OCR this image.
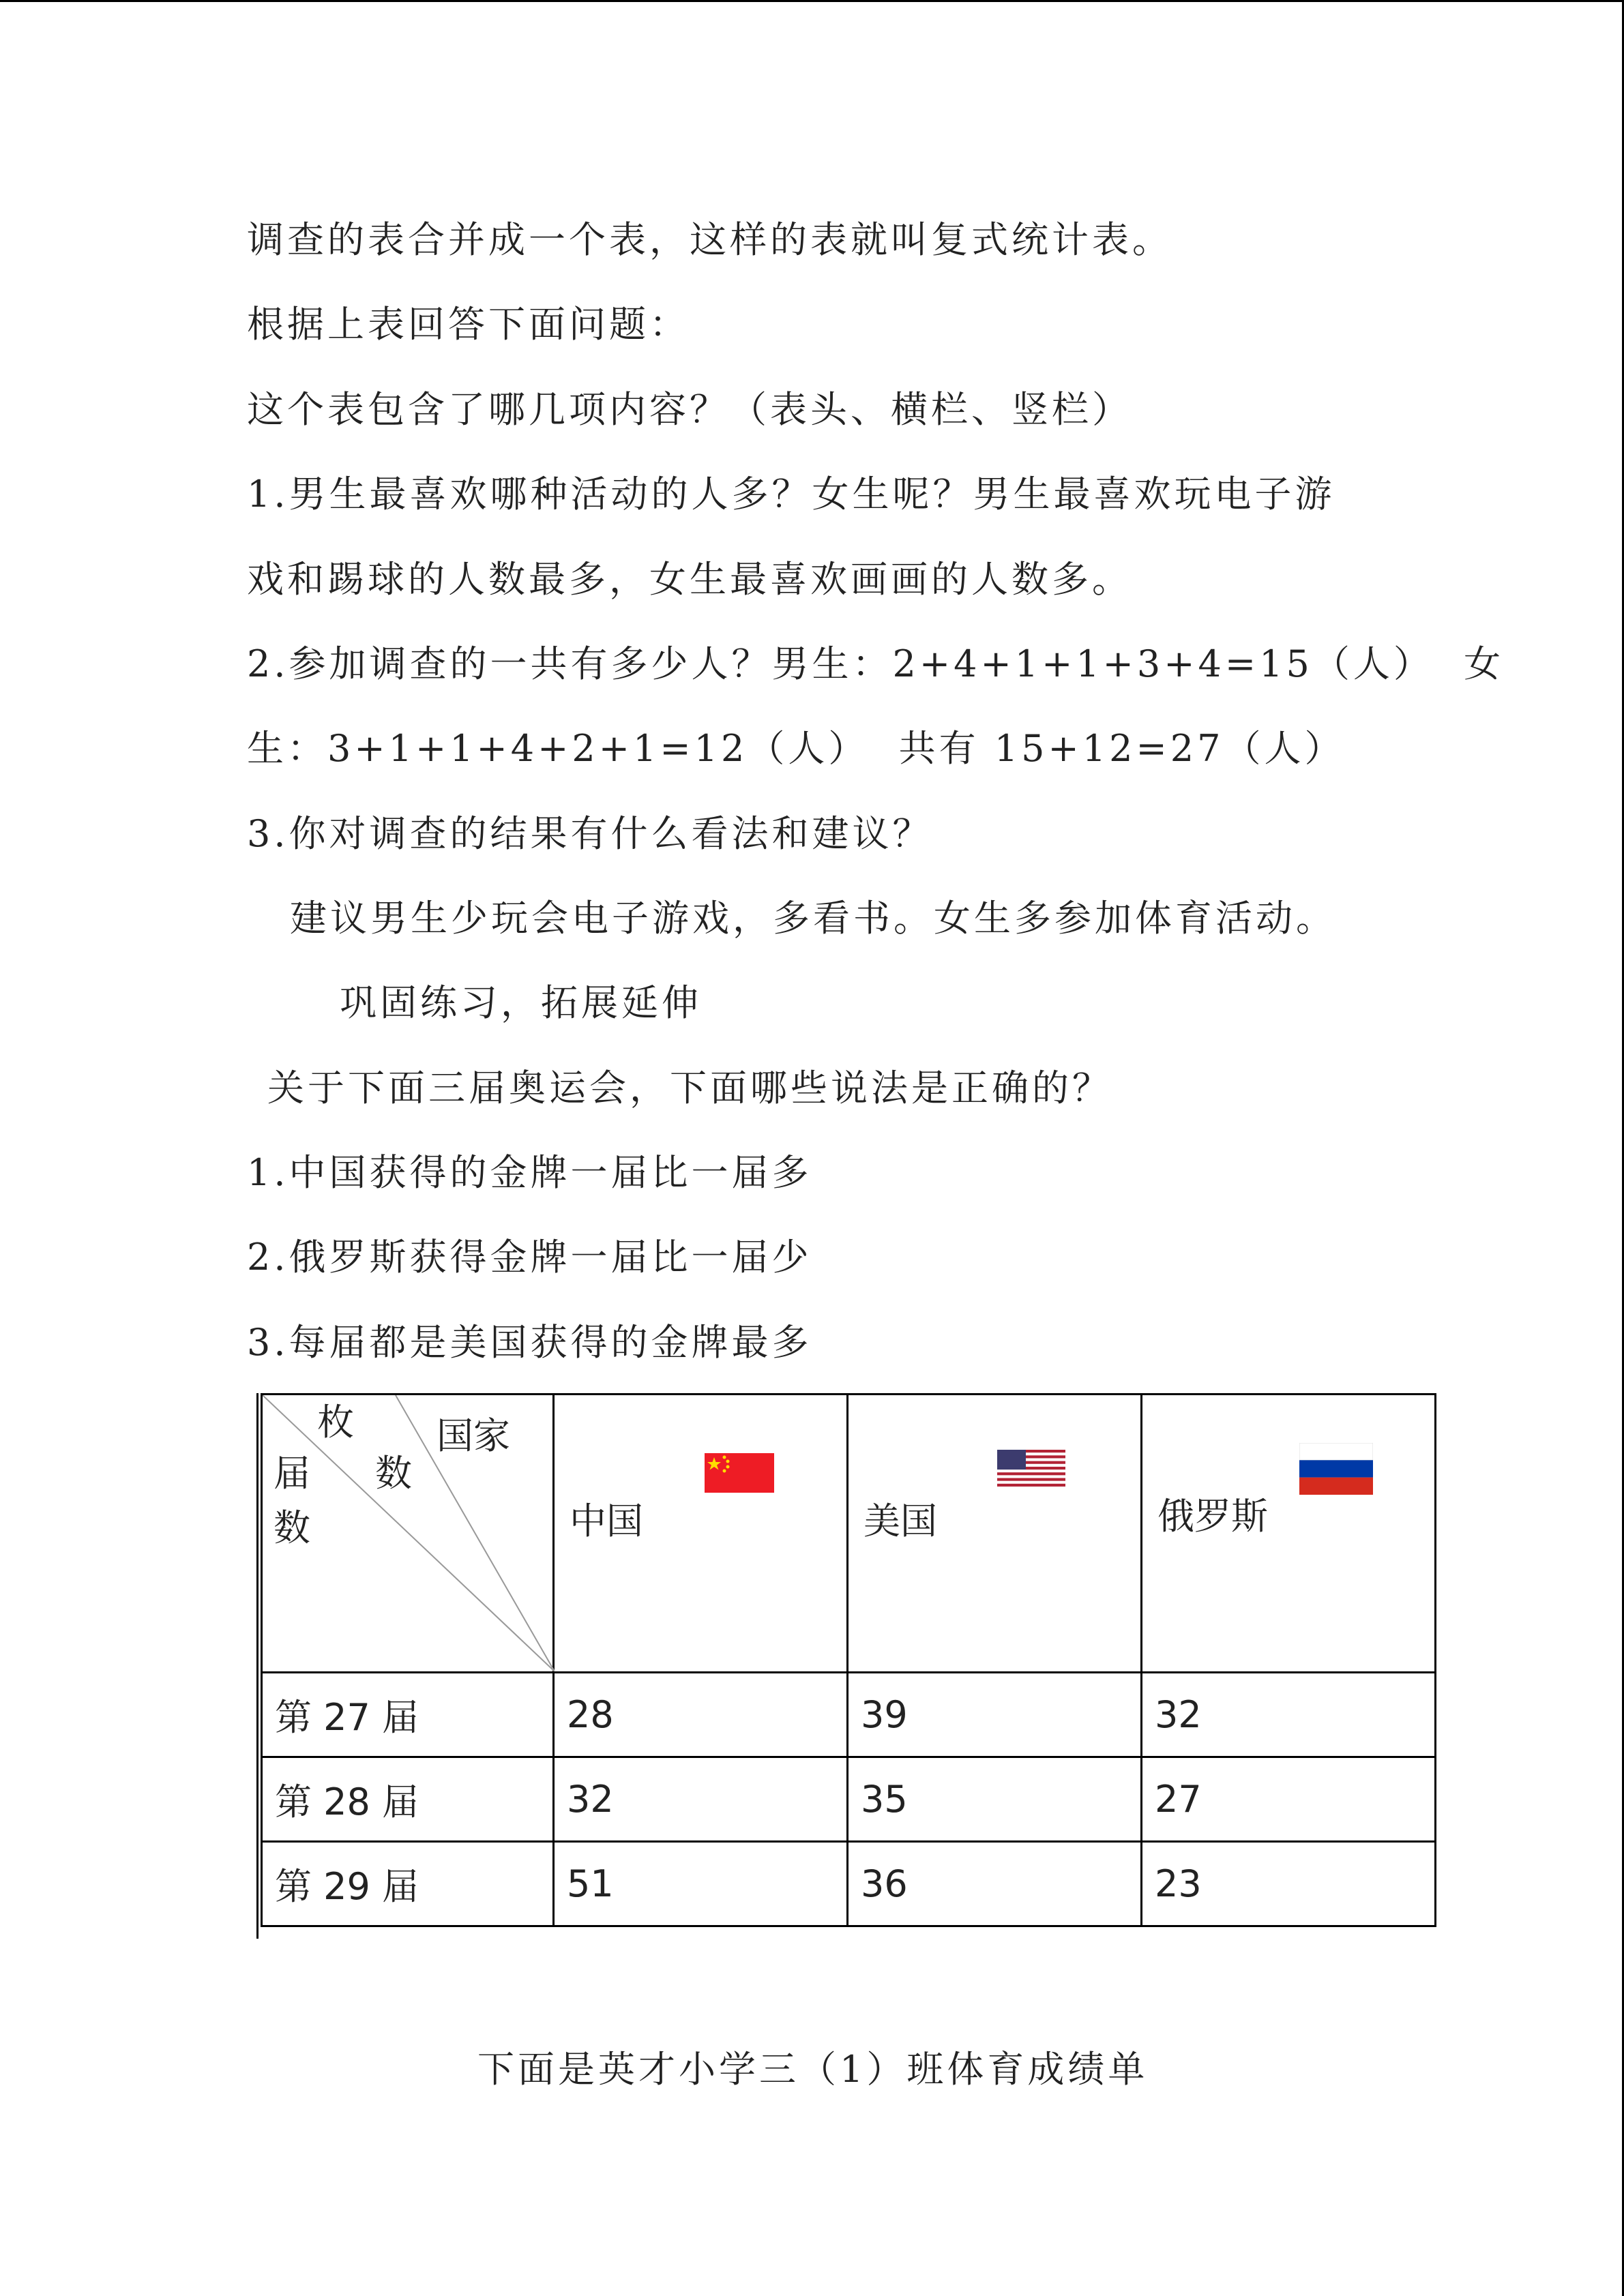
调查的表合并成一个表，这样的表就叫复式统计表。
根据上表回答下面问题：
这个表包含了哪几项内容？（表头、横栏、竖栏）
1.男生最喜欢哪种活动的人多？女生呢？男生最喜欢玩电子游
戏和踢球的人数最多，女生最喜欢画画的人数多。
2.参加调查的一共有多少人？男生：2+4+1+1+3+4=15（人）  女
生：3+1+1+4+2+1=12（人）  共有 15+12=27（人）
3.你对调查的结果有什么看法和建议？
建议男生少玩会电子游戏，多看书。女生多参加体育活动。
巩固练习，拓展延伸
关于下面三届奥运会，下面哪些说法是正确的？
1.中国获得的金牌一届比一届多
2.俄罗斯获得金牌一届比一届少
3.每届都是美国获得的金牌最多
枚 国家
数
届
数	中国	美国	俄罗斯

第 27 届	28	39	32
第 28 届	32	35	27
第 29 届	51	36	23
下面是英才小学三（1）班体育成绩单
